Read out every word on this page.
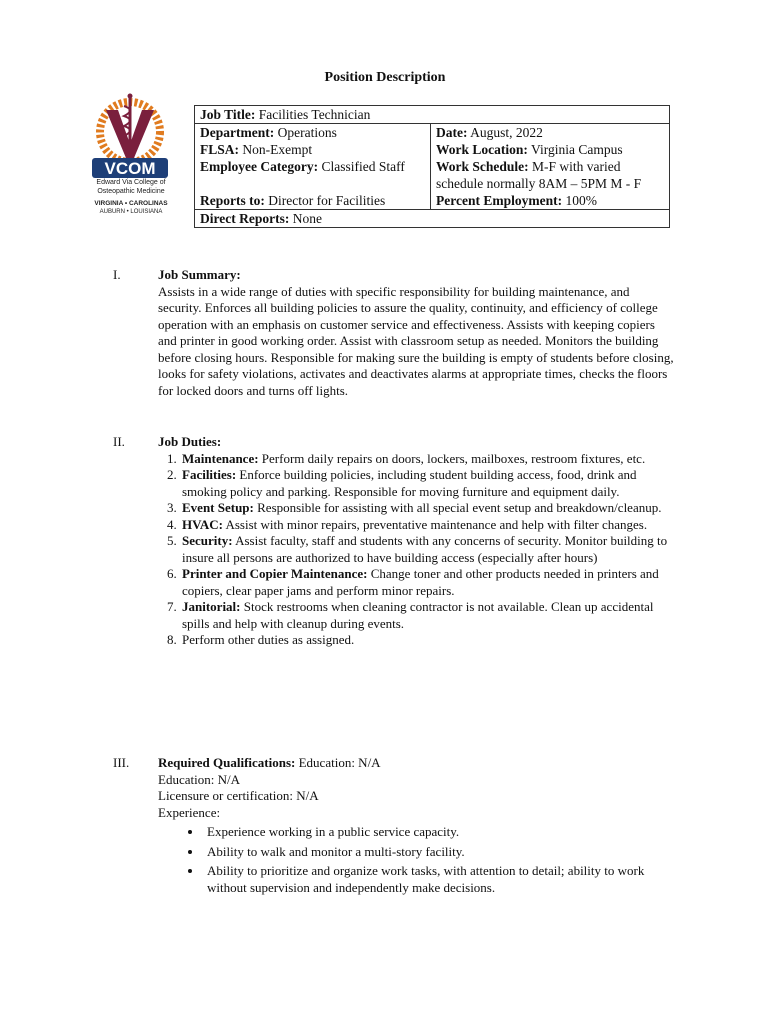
Position Description
VCOM
Edward Via College of
Osteopathic Medicine
VIRGINIA • CAROLINAS
AUBURN • LOUISIANA
Job Title: Facilities Technician	
Department: Operations	Date: August, 2022
FLSA: Non-Exempt	Work Location: Virginia Campus
Employee Category: Classified Staff	Work Schedule: M-F with varied schedule normally 8AM – 5PM M - F
Reports to: Director for Facilities	Percent Employment: 100%
Direct Reports: None	
I.	Job Summary:
Assists in a wide range of duties with specific responsibility for building maintenance, and security. Enforces all building policies to assure the quality, continuity, and efficiency of college operation with an emphasis on customer service and effectiveness. Assists with keeping copiers and printer in good working order. Assist with classroom setup as needed. Monitors the building before closing hours. Responsible for making sure the building is empty of students before closing, looks for safety violations, activates and deactivates alarms at appropriate times, checks the floors for locked doors and turns off lights.
II.	Job Duties:
1. Maintenance: Perform daily repairs on doors, lockers, mailboxes, restroom fixtures, etc.
2. Facilities: Enforce building policies, including student building access, food, drink and smoking policy and parking. Responsible for moving furniture and equipment daily.
3. Event Setup: Responsible for assisting with all special event setup and breakdown/cleanup.
4. HVAC: Assist with minor repairs, preventative maintenance and help with filter changes.
5. Security: Assist faculty, staff and students with any concerns of security. Monitor building to insure all persons are authorized to have building access (especially after hours)
6. Printer and Copier Maintenance: Change toner and other products needed in printers and copiers, clear paper jams and perform minor repairs.
7. Janitorial: Stock restrooms when cleaning contractor is not available. Clean up accidental spills and help with cleanup during events.
8. Perform other duties as assigned.
III. Required Qualifications: Education: N/A
Education: N/A
Licensure or certification: N/A
Experience:
• Experience working in a public service capacity.
• Ability to walk and monitor a multi-story facility.
• Ability to prioritize and organize work tasks, with attention to detail; ability to work without supervision and independently make decisions.
